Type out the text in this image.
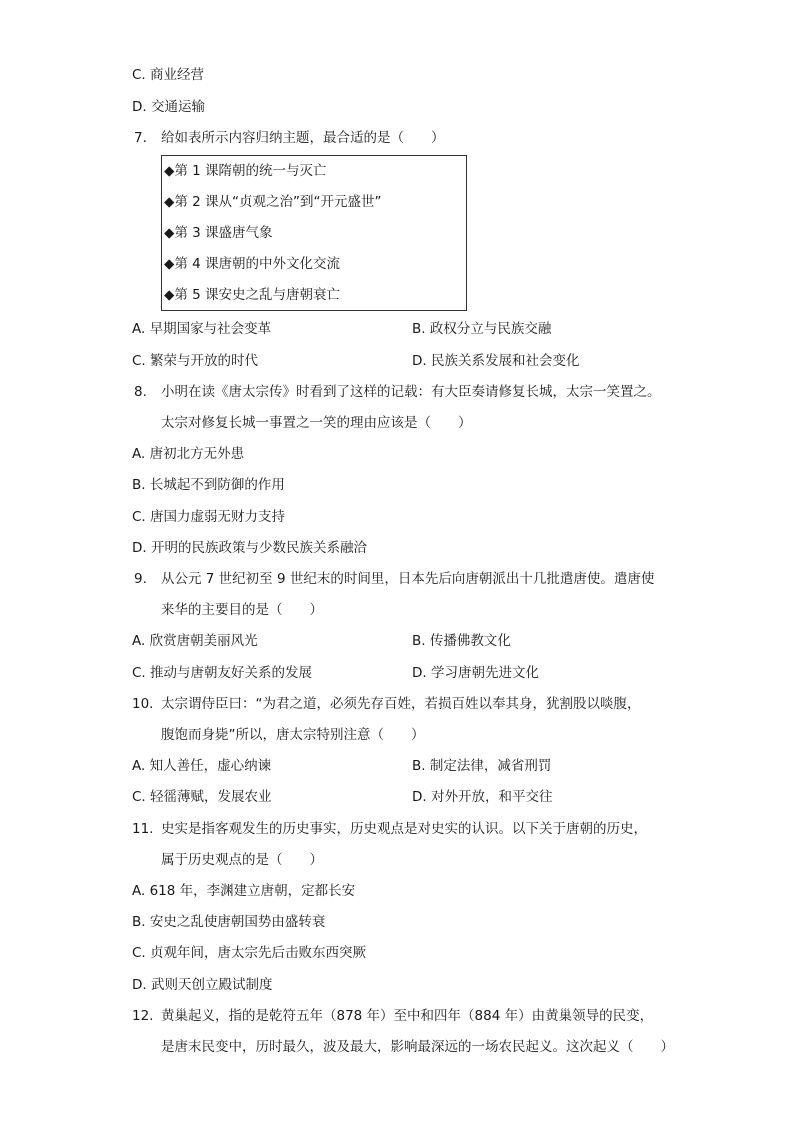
C. 商业经营
D. 交通运输
7. 给如表所示内容归纳主题，最合适的是（　　）
◆第 1 课隋朝的统一与灭亡
◆第 2 课从“贞观之治”到“开元盛世”
◆第 3 课盛唐气象
◆第 4 课唐朝的中外文化交流
◆第 5 课安史之乱与唐朝衰亡
A. 早期国家与社会变革	B. 政权分立与民族交融
C. 繁荣与开放的时代	D. 民族关系发展和社会变化
8. 小明在读《唐太宗传》时看到了这样的记载：有大臣奏请修复长城，太宗一笑置之。
太宗对修复长城一事置之一笑的理由应该是（　　）
A. 唐初北方无外患
B. 长城起不到防御的作用
C. 唐国力虚弱无财力支持
D. 开明的民族政策与少数民族关系融洽
9. 从公元 7 世纪初至 9 世纪末的时间里，日本先后向唐朝派出十几批遣唐使。遣唐使
来华的主要目的是（　　）
A. 欣赏唐朝美丽风光	B. 传播佛教文化
C. 推动与唐朝友好关系的发展	D. 学习唐朝先进文化
10. 太宗谓侍臣曰：“为君之道，必须先存百姓，若损百姓以奉其身，犹割股以啖腹，
腹饱而身毙”所以，唐太宗特别注意（　　）
A. 知人善任，虚心纳谏	B. 制定法律，减省刑罚
C. 轻徭薄赋，发展农业	D. 对外开放，和平交往
11. 史实是指客观发生的历史事实，历史观点是对史实的认识。以下关于唐朝的历史，
属于历史观点的是（　　）
A. 618 年，李渊建立唐朝，定都长安
B. 安史之乱使唐朝国势由盛转衰
C. 贞观年间，唐太宗先后击败东西突厥
D. 武则天创立殿试制度
12. 黄巢起义，指的是乾符五年（878 年）至中和四年（884 年）由黄巢领导的民变，
是唐末民变中，历时最久，波及最大，影响最深远的一场农民起义。这次起义（　　）
